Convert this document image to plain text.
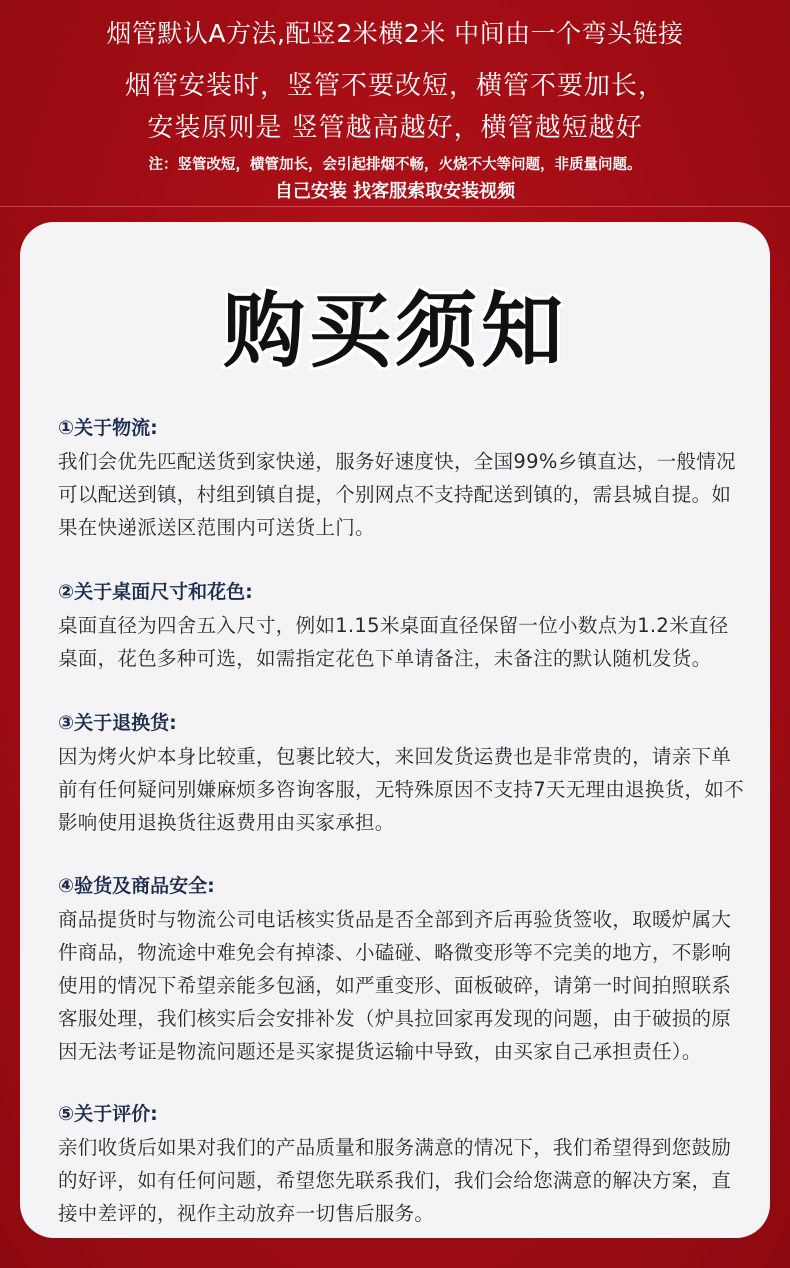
烟管默认A方法,配竖2米横2米 中间由一个弯头链接
烟管安装时，竖管不要改短，横管不要加长，
安装原则是 竖管越高越好，横管越短越好
注：竖管改短，横管加长，会引起排烟不畅，火烧不大等问题，非质量问题。
自己安装 找客服索取安装视频
购买须知
①关于物流:
我们会优先匹配送货到家快递，服务好速度快，全国99%乡镇直达，一般情况可以配送到镇，村组到镇自提，个别网点不支持配送到镇的，需县城自提。如果在快递派送区范围内可送货上门。
②关于桌面尺寸和花色:
桌面直径为四舍五入尺寸，例如1.15米桌面直径保留一位小数点为1.2米直径桌面，花色多种可选，如需指定花色下单请备注，未备注的默认随机发货。
③关于退换货:
因为烤火炉本身比较重，包裹比较大，来回发货运费也是非常贵的，请亲下单前有任何疑问别嫌麻烦多咨询客服，无特殊原因不支持7天无理由退换货，如不影响使用退换货往返费用由买家承担。
④验货及商品安全:
商品提货时与物流公司电话核实货品是否全部到齐后再验货签收，取暖炉属大件商品，物流途中难免会有掉漆、小磕碰、略微变形等不完美的地方，不影响使用的情况下希望亲能多包涵，如严重变形、面板破碎，请第一时间拍照联系客服处理，我们核实后会安排补发（炉具拉回家再发现的问题，由于破损的原因无法考证是物流问题还是买家提货运输中导致，由买家自己承担责任）。
⑤关于评价:
亲们收货后如果对我们的产品质量和服务满意的情况下，我们希望得到您鼓励的好评，如有任何问题，希望您先联系我们，我们会给您满意的解决方案，直接中差评的，视作主动放弃一切售后服务。
